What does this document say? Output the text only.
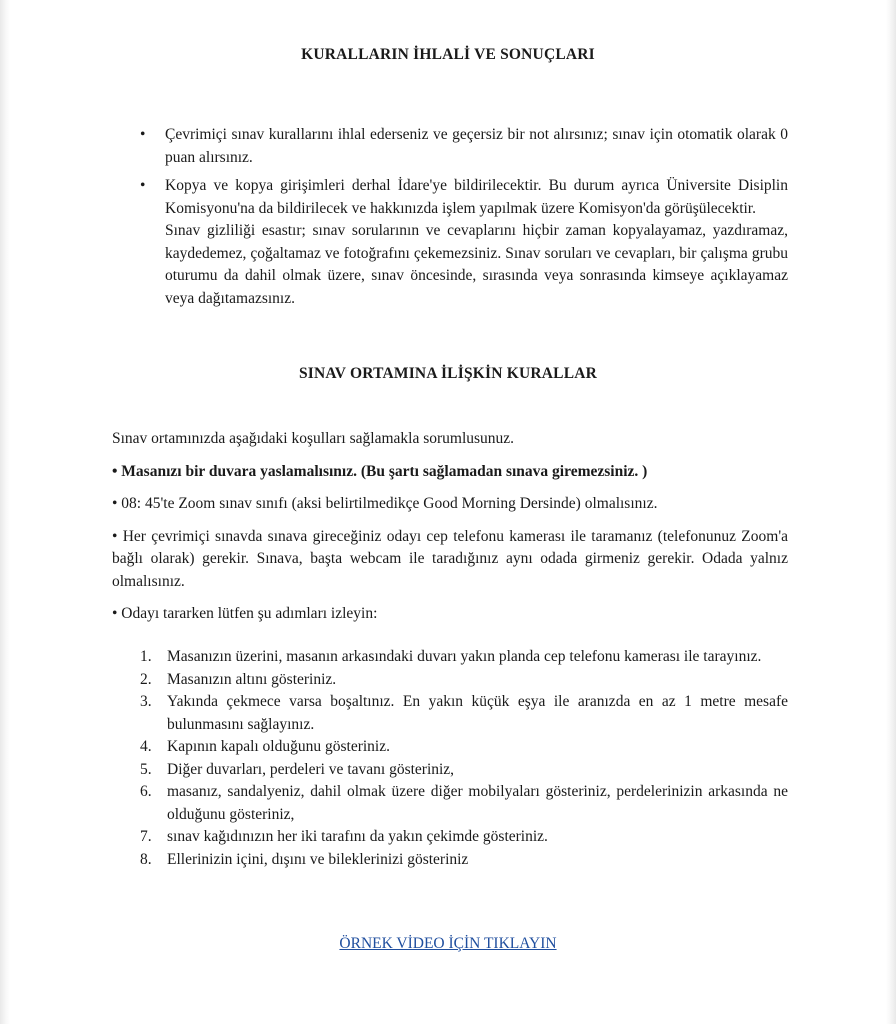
KURALLARIN İHLALİ VE SONUÇLARI
• Çevrimiçi sınav kurallarını ihlal ederseniz ve geçersiz bir not alırsınız; sınav için otomatik olarak 0 puan alırsınız.
• Kopya ve kopya girişimleri derhal İdare'ye bildirilecektir. Bu durum ayrıca Üniversite Disiplin Komisyonu'na da bildirilecek ve hakkınızda işlem yapılmak üzere Komisyon'da görüşülecektir.
Sınav gizliliği esastır; sınav sorularının ve cevaplarını hiçbir zaman kopyalayamaz, yazdıramaz, kaydedemez, çoğaltamaz ve fotoğrafını çekemezsiniz. Sınav soruları ve cevapları, bir çalışma grubu oturumu da dahil olmak üzere, sınav öncesinde, sırasında veya sonrasında kimseye açıklayamaz veya dağıtamazsınız.
SINAV ORTAMINA İLİŞKİN KURALLAR

Sınav ortamınızda aşağıdaki koşulları sağlamakla sorumlusunuz.

• Masanızı bir duvara yaslamalısınız. (Bu şartı sağlamadan sınava giremezsiniz. )

• 08: 45'te Zoom sınav sınıfı (aksi belirtilmedikçe Good Morning Dersinde) olmalısınız.

• Her çevrimiçi sınavda sınava gireceğiniz odayı cep telefonu kamerası ile taramanız (telefonunuz Zoom'a bağlı olarak) gerekir. Sınava, başta webcam ile taradığınız aynı odada girmeniz gerekir. Odada yalnız olmalısınız.

• Odayı tararken lütfen şu adımları izleyin:

1. Masanızın üzerini, masanın arkasındaki duvarı yakın planda cep telefonu kamerası ile tarayınız.
2. Masanızın altını gösteriniz.
3. Yakında çekmece varsa boşaltınız. En yakın küçük eşya ile aranızda en az 1 metre mesafe bulunmasını sağlayınız.
4. Kapının kapalı olduğunu gösteriniz.
5. Diğer duvarları, perdeleri ve tavanı gösteriniz,
6. masanız, sandalyeniz, dahil olmak üzere diğer mobilyaları gösteriniz, perdelerinizin arkasında ne olduğunu gösteriniz,
7. sınav kağıdınızın her iki tarafını da yakın çekimde gösteriniz.
8. Ellerinizin içini, dışını ve bileklerinizi gösteriniz
ÖRNEK VİDEO İÇİN TIKLAYIN
